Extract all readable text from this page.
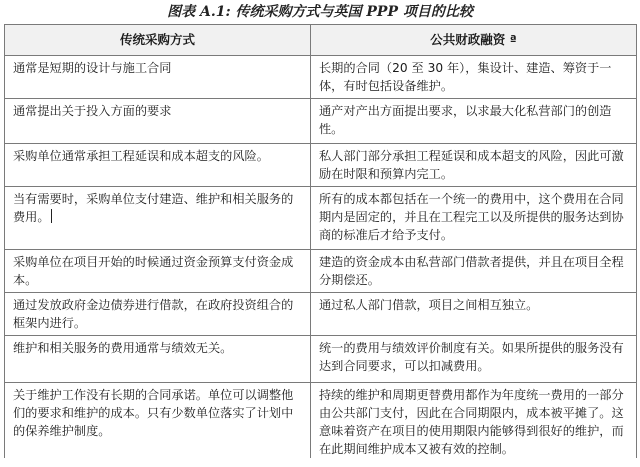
图表 A.1: 传统采购方式与英国 PPP 项目的比较
传统采购方式	公共财政融资 ª
通常是短期的设计与施工合同	长期的合同（20 至 30 年），集设计、建造、筹资于一体，有时包括设备维护。
通常提出关于投入方面的要求	通产对产出方面提出要求，以求最大化私营部门的创造性。
采购单位通常承担工程延误和成本超支的风险。	私人部门部分承担工程延误和成本超支的风险，因此可激励在时限和预算内完工。
当有需要时，采购单位支付建造、维护和相关服务的费用。	所有的成本都包括在一个统一的费用中，这个费用在合同期内是固定的，并且在工程完工以及所提供的服务达到协商的标准后才给予支付。
采购单位在项目开始的时候通过资金预算支付资金成本。	建造的资金成本由私营部门借款者提供，并且在项目全程分期偿还。
通过发放政府金边债券进行借款，在政府投资组合的框架内进行。	通过私人部门借款，项目之间相互独立。
维护和相关服务的费用通常与绩效无关。	统一的费用与绩效评价制度有关。如果所提供的服务没有达到合同要求，可以扣减费用。
关于维护工作没有长期的合同承诺。单位可以调整他们的要求和维护的成本。只有少数单位落实了计划中的保养维护制度。	持续的维护和周期更替费用都作为年度统一费用的一部分由公共部门支付，因此在合同期限内，成本被平摊了。这意味着资产在项目的使用期限内能够得到很好的维护，而在此期间维护成本又被有效的控制。
